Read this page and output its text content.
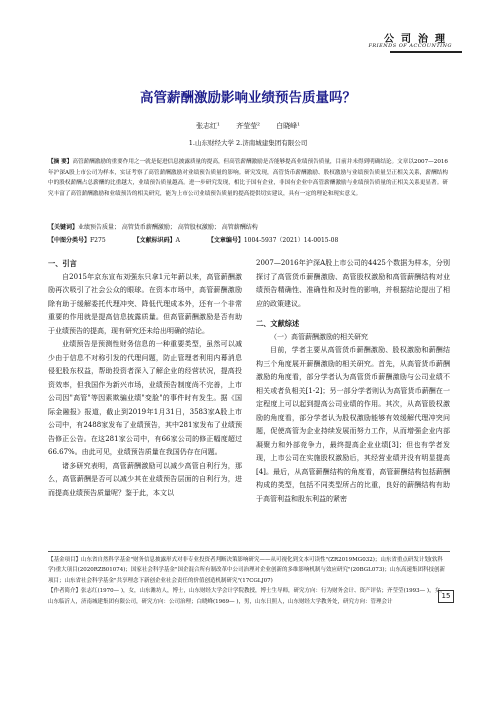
公司治理
FRIENDS OF ACCOUNTING
高管薪酬激励影响业绩预告质量吗？
张志红¹ 齐莹莹² 白晓峰¹
1.山东财经大学 2.济南城建集团有限公司
【摘 要】高管薪酬激励的重要作用之一就是促进信息披露质量的提高，但高管薪酬激励是否能够提高业绩预告质量，目前并未得到明确结论。文章以2007—2016年沪深A股上市公司为样本，实证考察了高管薪酬激励对业绩预告质量的影响。研究发现，高管货币薪酬激励、股权激励与业绩预告质量呈正相关关系，薪酬结构中的股权薪酬占总薪酬的比重越大，业绩预告质量越高。进一步研究发现，相比于国有企业，非国有企业中高管薪酬激励与业绩预告质量的正相关关系更显著。研究丰富了高管薪酬激励和业绩预告的相关研究，能为上市公司业绩预告质量的提高提供切实建议，具有一定的理论和现实意义。
【关键词】业绩预告质量； 高管货币薪酬激励； 高管股权激励； 高管薪酬结构
【中图分类号】F275	【文献标识码】A	【文章编号】1004-5937（2021）14-0015-08

一、引言

自2015年京东宣布刘强东只拿1元年薪以来，高管薪酬激励再次吸引了社会公众的眼球。在资本市场中，高管薪酬激励除有助于缓解委托代理冲突、降低代理成本外，还有一个非常重要的作用就是提高信息披露质量。但高管薪酬激励是否有助于业绩预告的提高，现有研究还未给出明确的结论。

业绩预告是预测性财务信息的一种重要类型，虽然可以减少由于信息不对称引发的代理问题，防止管理者利用内幕消息侵犯股东权益，帮助投资者深入了解企业的经营状况，提高投资效率，但我国作为新兴市场，业绩预告制度尚不完善，上市公司因"高管"等因素欺骗业绩"变脸"的事件时有发生。据《国际金融报》报道，截止到2019年1月31日，3583家A股上市公司中，有2488家发布了业绩预告，其中281家发布了业绩预告修正公告。在这281家公司中，有66家公司的修正幅度超过66.67%。由此可见，业绩预告质量在我国仍存在问题。

诸多研究表明，高管薪酬激励可以减少高管自利行为，那么，高管薪酬是否可以减少其在业绩预告层面的自利行为，进而提高业绩预告质量呢？鉴于此，本文以

2007—2016年沪深A股上市公司的4425个数据为样本，分别探讨了高管货币薪酬激励、高管股权激励和高管薪酬结构对业绩预告精确性、准确性和及时性的影响，并根据结论提出了相应的政策建议。

二、文献综述

（一）高管薪酬激励的相关研究

目前，学者主要从高管货币薪酬激励、股权激励和薪酬结构三个角度展开薪酬激励的相关研究。首先，从高管货币薪酬激励的角度看，部分学者认为高管货币薪酬激励与公司业绩不相关或者负相关[1-2]；另一部分学者则认为高管货币薪酬在一定程度上可以起到提高公司业绩的作用。其次，从高管股权激励的角度看，部分学者认为股权激励能够有效缓解代理冲突问题，促使高管为企业持续发展而努力工作，从而增强企业内部凝聚力和外部竞争力，最终提高企业业绩[3]；但也有学者发现，上市公司在实施股权激励后，其经营业绩并没有明显提高[4]。最后，从高管薪酬结构的角度看，高管薪酬结构包括薪酬构成的类型，包括不同类型所占的比重，良好的薪酬结构有助于高管利益和股东利益的紧密

【基金项目】山东省自然科学基金"财务信息披露形式对非专业投资者判断决策影响研究——从可视化到文本可读性"(ZR2019MG032)；山东省重点研发计划(软科学)重大项目(2020RZB01074)；国家社会科学基金"国企混合所有制改革中公司治理对企业创新的多维影响机制与效应研究"(20BGL073)；山东高速集团科技创新项目；山东省社会科学基金"共享理念下新创企业社会责任的价值创造机制研究"(17CGLJ07)

【作者简介】张志红(1970— )，女，山东潍坊人，博士，山东财经大学会计学院教授，博士生导师，研究方向：行为财务会计、资产评估；齐莹莹(1993— )，女，山东临沂人，济南城建集团有限公司，研究方向：公司治理；白晓峰(1969— )，男，山东日照人，山东财经大学教务处，研究方向：管理会计

15
